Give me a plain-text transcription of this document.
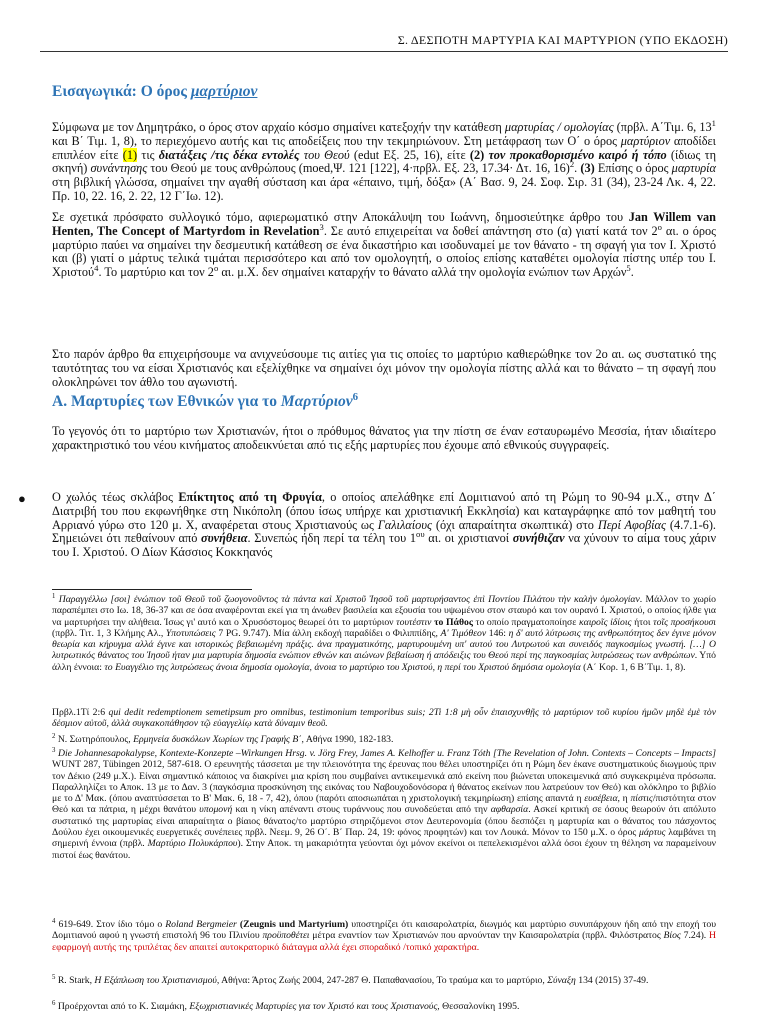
Σ. ΔΕΣΠΟΤΗ ΜΑΡΤΥΡΙΑ ΚΑΙ ΜΑΡΤΥΡΙΟΝ (ΥΠΟ ΕΚΔΟΣΗ)
Εισαγωγικά: Ο όρος μαρτύριον

Σύμφωνα με τον Δημητράκο, ο όρος στον αρχαίο κόσμο σημαίνει κατεξοχήν την κατάθεση μαρτυρίας / ομολογίας (πρβλ. Α΄Τιμ. 6, $13^1$ και Β΄ Τιμ. 1, 8), το περιεχόμενο αυτής και τις αποδείξεις που την τεκμηριώνουν. Στη μετάφραση των Ο΄ ο όρος μαρτύριον αποδίδει επιπλέον είτε (1) τις διατάξεις /τις δέκα εντολές του Θεού (edut Εξ. 25, 16), είτε (2) τον προκαθορισμένο καιρό ή τόπο (ίδιως τη σκηνή) συνάντησης του Θεού με τους ανθρώπους (moed,Ψ. 121 [122], 4·πρβλ. Εξ. 23, 17.34· Δτ. 16, 16)$^2$. (3) Επίσης ο όρος μαρτυρία στη βιβλική γλώσσα, σημαίνει την αγαθή σύσταση και άρα «έπαινο, τιμή, δόξα» (Α΄ Βασ. 9, 24. Σοφ. Σιρ. 31 (34), 23-24 Λκ. 4, 22. Πρ. 10, 22. 16, 2. 22, 12 Γ΄Ιω. 12).

Σε σχετικά πρόσφατο συλλογικό τόμο, αφιερωματικό στην Αποκάλυψη του Ιωάννη, δημοσιεύτηκε άρθρο του Jan Willem van Henten, The Concept of Martyrdom in Revelation$^3$. Σε αυτό επιχειρείται να δοθεί απάντηση στο (α) γιατί κατά τον $2^o$ αι. ο όρος μαρτύριο παύει να σημαίνει την δεσμευτική κατάθεση σε ένα δικαστήριο και ισοδυναμεί με τον θάνατο - τη σφαγή για τον Ι. Χριστό και (β) γιατί ο μάρτυς τελικά τιμάται περισσότερο και από τον ομολογητή, ο οποίος επίσης καταθέτει ομολογία πίστης υπέρ του Ι. Χριστού$^4$. Το μαρτύριο και τον $2^o$ αι. μ.Χ. δεν σημαίνει καταρχήν το θάνατο αλλά την ομολογία ενώπιον των Αρχών$^5$.

Στο παρόν άρθρο θα επιχειρήσουμε να ανιχνεύσουμε τις αιτίες για τις οποίες το μαρτύριο καθιερώθηκε τον 2ο αι. ως συστατικό της ταυτότητας του να είσαι Χριστιανός και εξελίχθηκε να σημαίνει όχι μόνον την ομολογία πίστης αλλά και το θάνατο – τη σφαγή που ολοκληρώνει τον άθλο του αγωνιστή.
Α. Μαρτυρίες των Εθνικών για το Μαρτύριον$^6$
Το γεγονός ότι το μαρτύριο των Χριστιανών, ήτοι ο πρόθυμος θάνατος για την πίστη σε έναν εσταυρωμένο Μεσσία, ήταν ιδιαίτερο χαρακτηριστικό του νέου κινήματος αποδεικνύεται από τις εξής μαρτυρίες που έχουμε από εθνικούς συγγραφείς.
● Ο χωλός τέως σκλάβος Επίκτητος από τη Φρυγία, ο οποίος απελάθηκε επί Δομιτιανού από τη Ρώμη το 90-94 μ.Χ., στην Δ΄ Διατριβή του που εκφωνήθηκε στη Νικόπολη (όπου ίσως υπήρχε και χριστιανική Εκκλησία) και καταγράφηκε από τον μαθητή του Αρριανό γύρω στο 120 μ. Χ, αναφέρεται στους Χριστιανούς ως Γαλιλαίους (όχι απαραίτητα σκωπτικά) στο Περί Αφοβίας (4.7.1-6). Σημειώνει ότι πεθαίνουν από συνήθεια. Συνεπώς ήδη περί τα τέλη του $1^{o\upsilon}$ αι. οι χριστιανοί συνήθιζαν να χύνουν το αίμα τους χάριν του Ι. Χριστού. Ο Δίων Κάσσιος Κοκκηανός

$^1$ Παραγγέλλω [σοι] ἐνώπιον τοῦ Θεοῦ τοῦ ζωογονοῦντος τὰ πάντα καὶ Χριστοῦ Ἰησοῦ τοῦ μαρτυρήσαντος ἐπὶ Ποντίου Πιλάτου τὴν καλὴν ὁμολογίαν. Μάλλον το χωρίο παραπέμπει στο Ιω. 18, 36-37 και σε όσα αναφέρονται εκεί για τη άνωθεν βασιλεία και εξουσία του υψωμένου στον σταυρό και τον ουρανό Ι. Χριστού, ο οποίος ήλθε για να μαρτυρήσει την αλήθεια. Ίσως γι' αυτό και ο Χρυσόστομος θεωρεί ότι το μαρτύριον τουτέστιν το Πάθος το οποίο πραγματοποίησε καιροῖς ἰδίοις ήτοι τοῖς προσήκουσι (πρβλ. Τιτ. 1, 3 Κλήμης Αλ., Υποτυπώσεις 7 PG. 9.747). Μία άλλη εκδοχή παραδίδει ο Φιλιππίδης, Α' Τιμόθεον 146: η δ' αυτό λύτρωσις της ανθρωπότητος δεν έγινε μόνον θεωρία και κήρυγμα αλλά έγινε και ιστορικώς βεβαιωμένη πράξις. ἀνα πραγματικότης, μαρτυρουμένη υπ' αυτού του Λυτρωτού και συνειδός παγκοσμίως γνωστή. […] Ο λυτρωτικός θάνατος του Ἰησοῦ ήταν μια μαρτυρία δημοσία ενώπιον εθνών και αιώνων βεβαίωση ή απόδειξις του Θεού περί της παγκοσμίας λυτρώσεως των ανθρώπων. Υπό άλλη έννοια: το Ευαγγέλιο της λυτρώσεως άνοια δημοσία ομολογία, άνοια το μαρτύριο του Χριστού, η περί του Χριστού δημόσια ομολογία (Α΄ Κορ. 1, 6 Β΄Τιμ. 1, 8).

Πρβλ.1Τί 2:6 qui dedit redemptionem semetipsum pro omnibus, testimonium temporibus suis; 2Ti 1:8 μὴ οὖν ἐπαισχυνθῇς τὸ μαρτύριον τοῦ κυρίου ἡμῶν μηδὲ ἐμὲ τὸν δέσμιον αὐτοῦ, ἀλλὰ συγκακοπάθησον τῷ εὐαγγελίῳ κατὰ δύναμιν θεοῦ.

$^2$ Ν. Σωτηρόπουλος, Ερμηνεία δυσκόλων Χωρίων της Γραφής Β΄, Αθήνα 1990, 182-183.

$^3$ Die Johannesapokalypse, Kontexte-Konzepte –Wirkungen Hrsg. v. Jörg Frey, James A. Kelhoffer u. Franz Tóth [The Revelation of John. Contexts – Concepts – Impacts] WUNT 287, Tübingen 2012, 587-618. Ο ερευνητής τάσσεται με την πλειονότητα της έρευνας που θέλει υποστηρίζει ότι η Ρώμη δεν έκανε συστηματικούς διωγμούς πριν τον Δέκιο (249 μ.Χ.). Είναι σημαντικό κάποιος να διακρίνει μια κρίση που συμβαίνει αντικειμενικά από εκείνη που βιώνεται υποκειμενικά από συγκεκριμένα πρόσωπα. Παραλληλίζει το Αποκ. 13 με το Δαν. 3 (παγκόσμια προσκύνηση της εικόνας του Ναβουχοδονόσορα ή θάνατος εκείνων που λατρεύουν τον Θεό) και ολόκληρο το βιβλίο με το Δ' Μακ. (όπου αναπτύσσεται το Β' Μακ. 6, 18 - 7, 42), όπου (παρότι αποσιωπάται η χριστολογική τεκμηρίωση) επίσης απαντά η ευσέβεια, η πίστις/πιστότητα στον Θεό και τα πάτρια, η μέχρι θανάτου υπομονή και η νίκη απέναντι στους τυράννους που συνοδεύεται από την αφθαρσία. Ασκεί κριτική σε όσους θεωρούν ότι απόλυτο συστατικό της μαρτυρίας είναι απαραίτητα ο βίαιος θάνατος/το μαρτύριο στηριζόμενοι στον Δευτερονομία (όπου δεσπόζει η μαρτυρία και ο θάνατος του πάσχοντος Δούλου έχει οικουμενικές ευεργετικές συνέπειες πρβλ. Νεεμ. 9, 26 Ο΄. Β΄ Παρ. 24, 19: φόνος προφητών) και τον Λουκά. Μόνον το 150 μ.Χ. ο όρος μάρτυς λαμβάνει τη σημερινή έννοια (πρβλ. Μαρτύριο Πολυκάρπου). Στην Αποκ. τη μακαριότητα γεύονται όχι μόνον εκείνοι οι πεπελεκισμένοι αλλά όσοι έχουν τη θέληση να παραμείνουν πιστοί έως θανάτου.

$^4$ 619-649. Στον ίδιο τόμο ο Roland Bergmeier (Zeugnis und Martyrium) υποστηρίζει ότι καισαρολατρία, διωγμός και μαρτύριο συνυπάρχουν ήδη από την εποχή του Δομιτιανού αφού η γνωστή επιστολή 96 του Πλινίου προϋποθέτει μέτρα εναντίον των Χριστιανών που αρνούνταν την Καισαρολατρία (πρβλ. Φιλόστρατος Βίος 7.24). Η εφαρμογή αυτής της τριπλέτας δεν απαιτεί αυτοκρατορικό διάταγμα αλλά έχει σποραδικό /τοπικό χαρακτήρα.

$^5$ R. Stark, Η Εξάπλωση του Χριστιανισμού, Αθήνα: Άρτος Ζωής 2004, 247-287 Θ. Παπαθανασίου, Το τραύμα και το μαρτύριο, Σύναξη 134 (2015) 37-49.

$^6$ Προέρχονται από το Κ. Σιαμάκη, Εξωχριστιανικές Μαρτυρίες για τον Χριστό και τους Χριστιανούς, Θεσσαλονίκη 1995.
